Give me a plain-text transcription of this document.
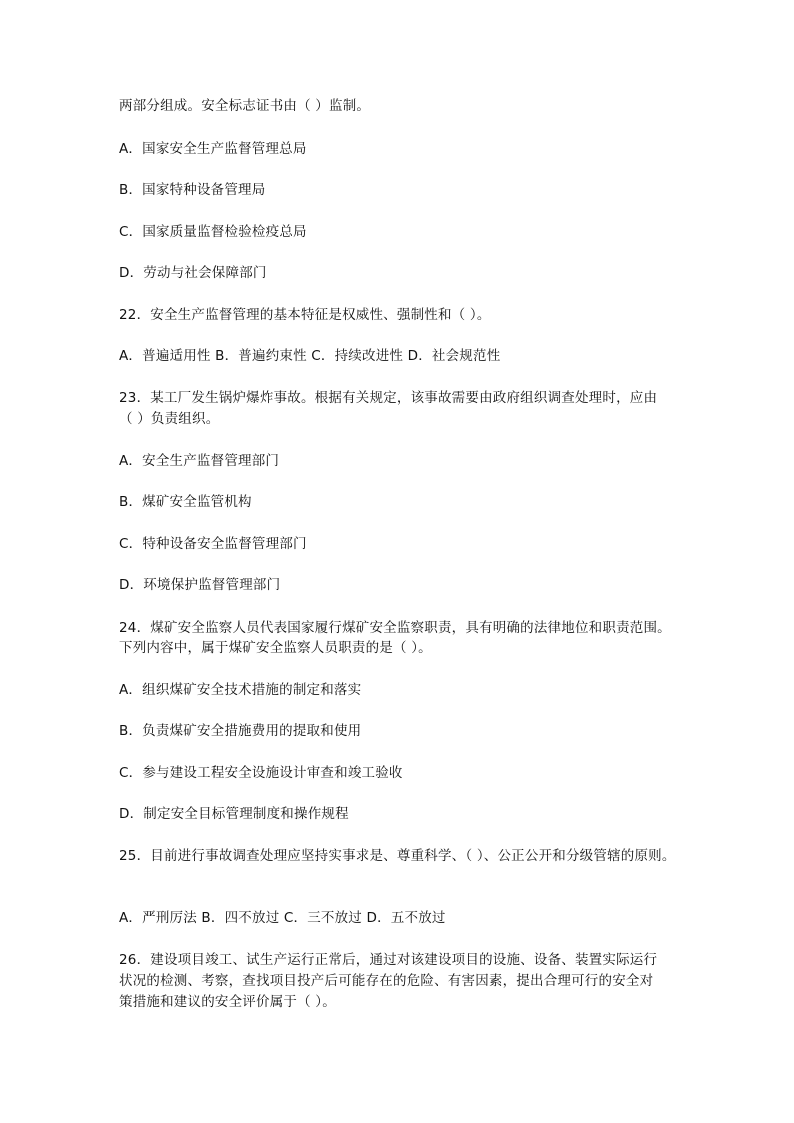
两部分组成。安全标志证书由（ ）监制。
A．国家安全生产监督管理总局
B．国家特种设备管理局
C．国家质量监督检验检疫总局
D．劳动与社会保障部门
22．安全生产监督管理的基本特征是权威性、强制性和（ ）。
A．普遍适用性 B．普遍约束性 C．持续改进性 D．社会规范性
23．某工厂发生锅炉爆炸事故。根据有关规定，该事故需要由政府组织调查处理时，应由
（ ）负责组织。
A．安全生产监督管理部门
B．煤矿安全监管机构
C．特种设备安全监督管理部门
D．环境保护监督管理部门
24．煤矿安全监察人员代表国家履行煤矿安全监察职责，具有明确的法律地位和职责范围。
下列内容中，属于煤矿安全监察人员职责的是（ ）。
A．组织煤矿安全技术措施的制定和落实
B．负责煤矿安全措施费用的提取和使用
C．参与建设工程安全设施设计审查和竣工验收
D．制定安全目标管理制度和操作规程
25．目前进行事故调查处理应坚持实事求是、尊重科学、（ ）、公正公开和分级管辖的原则。
A．严刑厉法 B．四不放过 C．三不放过 D．五不放过
26．建设项目竣工、试生产运行正常后，通过对该建设项目的设施、设备、装置实际运行
状况的检测、考察，查找项目投产后可能存在的危险、有害因素，提出合理可行的安全对
策措施和建议的安全评价属于（ ）。
